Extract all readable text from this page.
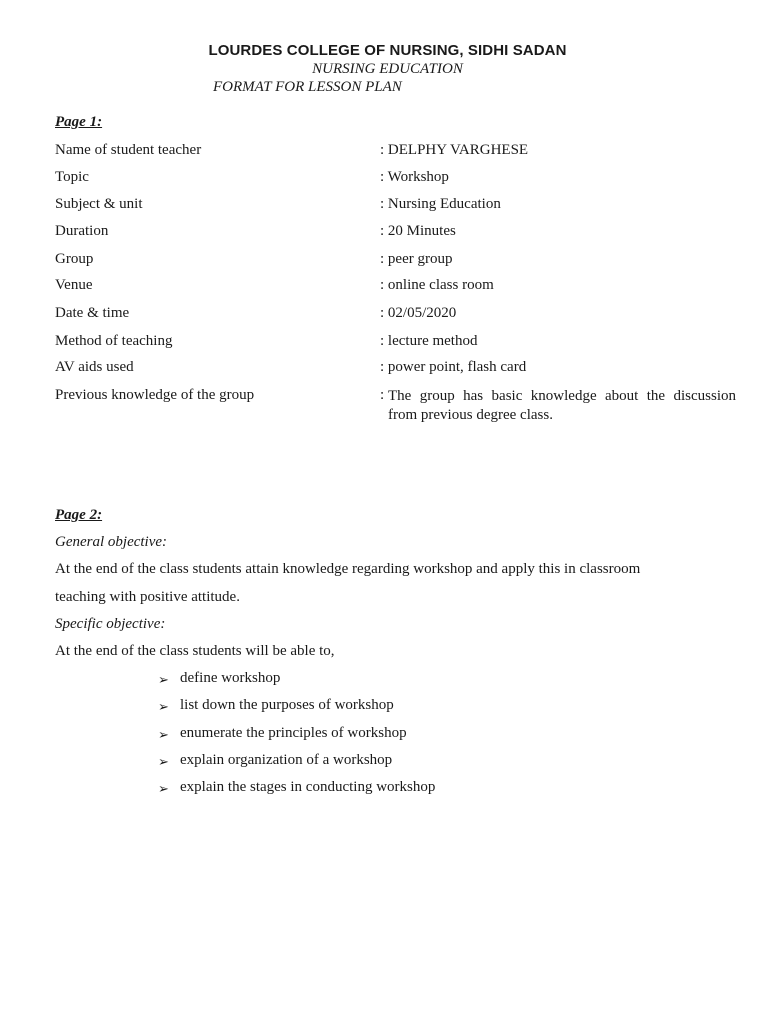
LOURDES COLLEGE OF NURSING, SIDHI SADAN
NURSING EDUCATION
FORMAT FOR LESSON PLAN
Page 1:
Name of student teacher	: DELPHY VARGHESE
Topic	: Workshop
Subject & unit	: Nursing Education
Duration	: 20 Minutes
Group	: peer group
Venue	: online class room
Date & time	: 02/05/2020
Method of teaching	: lecture method
AV aids used	: power point, flash card
Previous knowledge of the group	: The group has basic knowledge about the discussion from previous degree class.
Page 2:
General objective:
At the end of the class students attain knowledge regarding workshop and apply this in classroom
teaching with positive attitude.
Specific objective:
At the end of the class students will be able to,
➢ define workshop
➢ list down the purposes of workshop
➢ enumerate the principles of workshop
➢ explain organization of a workshop
➢ explain the stages in conducting workshop
